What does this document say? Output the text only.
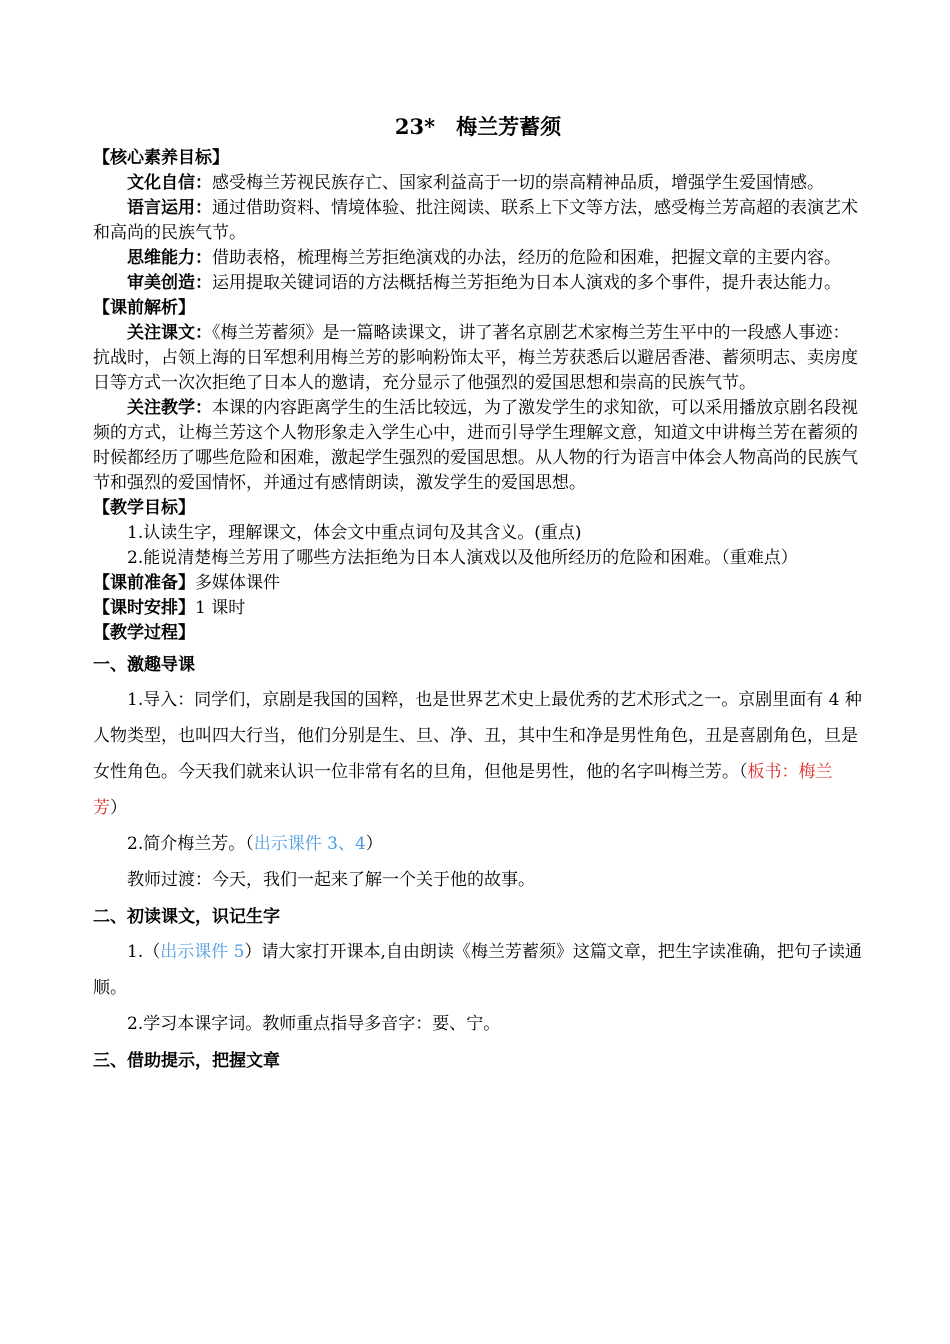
23*　梅兰芳蓄须

【核心素养目标】

文化自信：感受梅兰芳视民族存亡、国家利益高于一切的崇高精神品质，增强学生爱国情感。

语言运用：通过借助资料、情境体验、批注阅读、联系上下文等方法，感受梅兰芳高超的表演艺术和高尚的民族气节。

思维能力：借助表格，梳理梅兰芳拒绝演戏的办法，经历的危险和困难，把握文章的主要内容。

审美创造：运用提取关键词语的方法概括梅兰芳拒绝为日本人演戏的多个事件，提升表达能力。

【课前解析】

关注课文：《梅兰芳蓄须》是一篇略读课文，讲了著名京剧艺术家梅兰芳生平中的一段感人事迹：抗战时，占领上海的日军想利用梅兰芳的影响粉饰太平，梅兰芳获悉后以避居香港、蓄须明志、卖房度日等方式一次次拒绝了日本人的邀请，充分显示了他强烈的爱国思想和崇高的民族气节。

关注教学：本课的内容距离学生的生活比较远，为了激发学生的求知欲，可以采用播放京剧名段视频的方式，让梅兰芳这个人物形象走入学生心中，进而引导学生理解文意，知道文中讲梅兰芳在蓄须的时候都经历了哪些危险和困难，激起学生强烈的爱国思想。从人物的行为语言中体会人物高尚的民族气节和强烈的爱国情怀，并通过有感情朗读，激发学生的爱国思想。

【教学目标】

1.认读生字，理解课文，体会文中重点词句及其含义。(重点)

2.能说清楚梅兰芳用了哪些方法拒绝为日本人演戏以及他所经历的危险和困难。（重难点）

【课前准备】多媒体课件

【课时安排】1 课时

【教学过程】

一、激趣导课

1.导入：同学们，京剧是我国的国粹，也是世界艺术史上最优秀的艺术形式之一。京剧里面有 4 种人物类型，也叫四大行当，他们分别是生、旦、净、丑，其中生和净是男性角色，丑是喜剧角色，旦是女性角色。今天我们就来认识一位非常有名的旦角，但他是男性，他的名字叫梅兰芳。（板书：梅兰芳）

2.简介梅兰芳。（出示课件 3、4）

教师过渡：今天，我们一起来了解一个关于他的故事。

二、初读课文，识记生字

1.（出示课件 5）请大家打开课本,自由朗读《梅兰芳蓄须》这篇文章，把生字读准确，把句子读通顺。

2.学习本课字词。教师重点指导多音字：要、宁。

三、借助提示，把握文章
